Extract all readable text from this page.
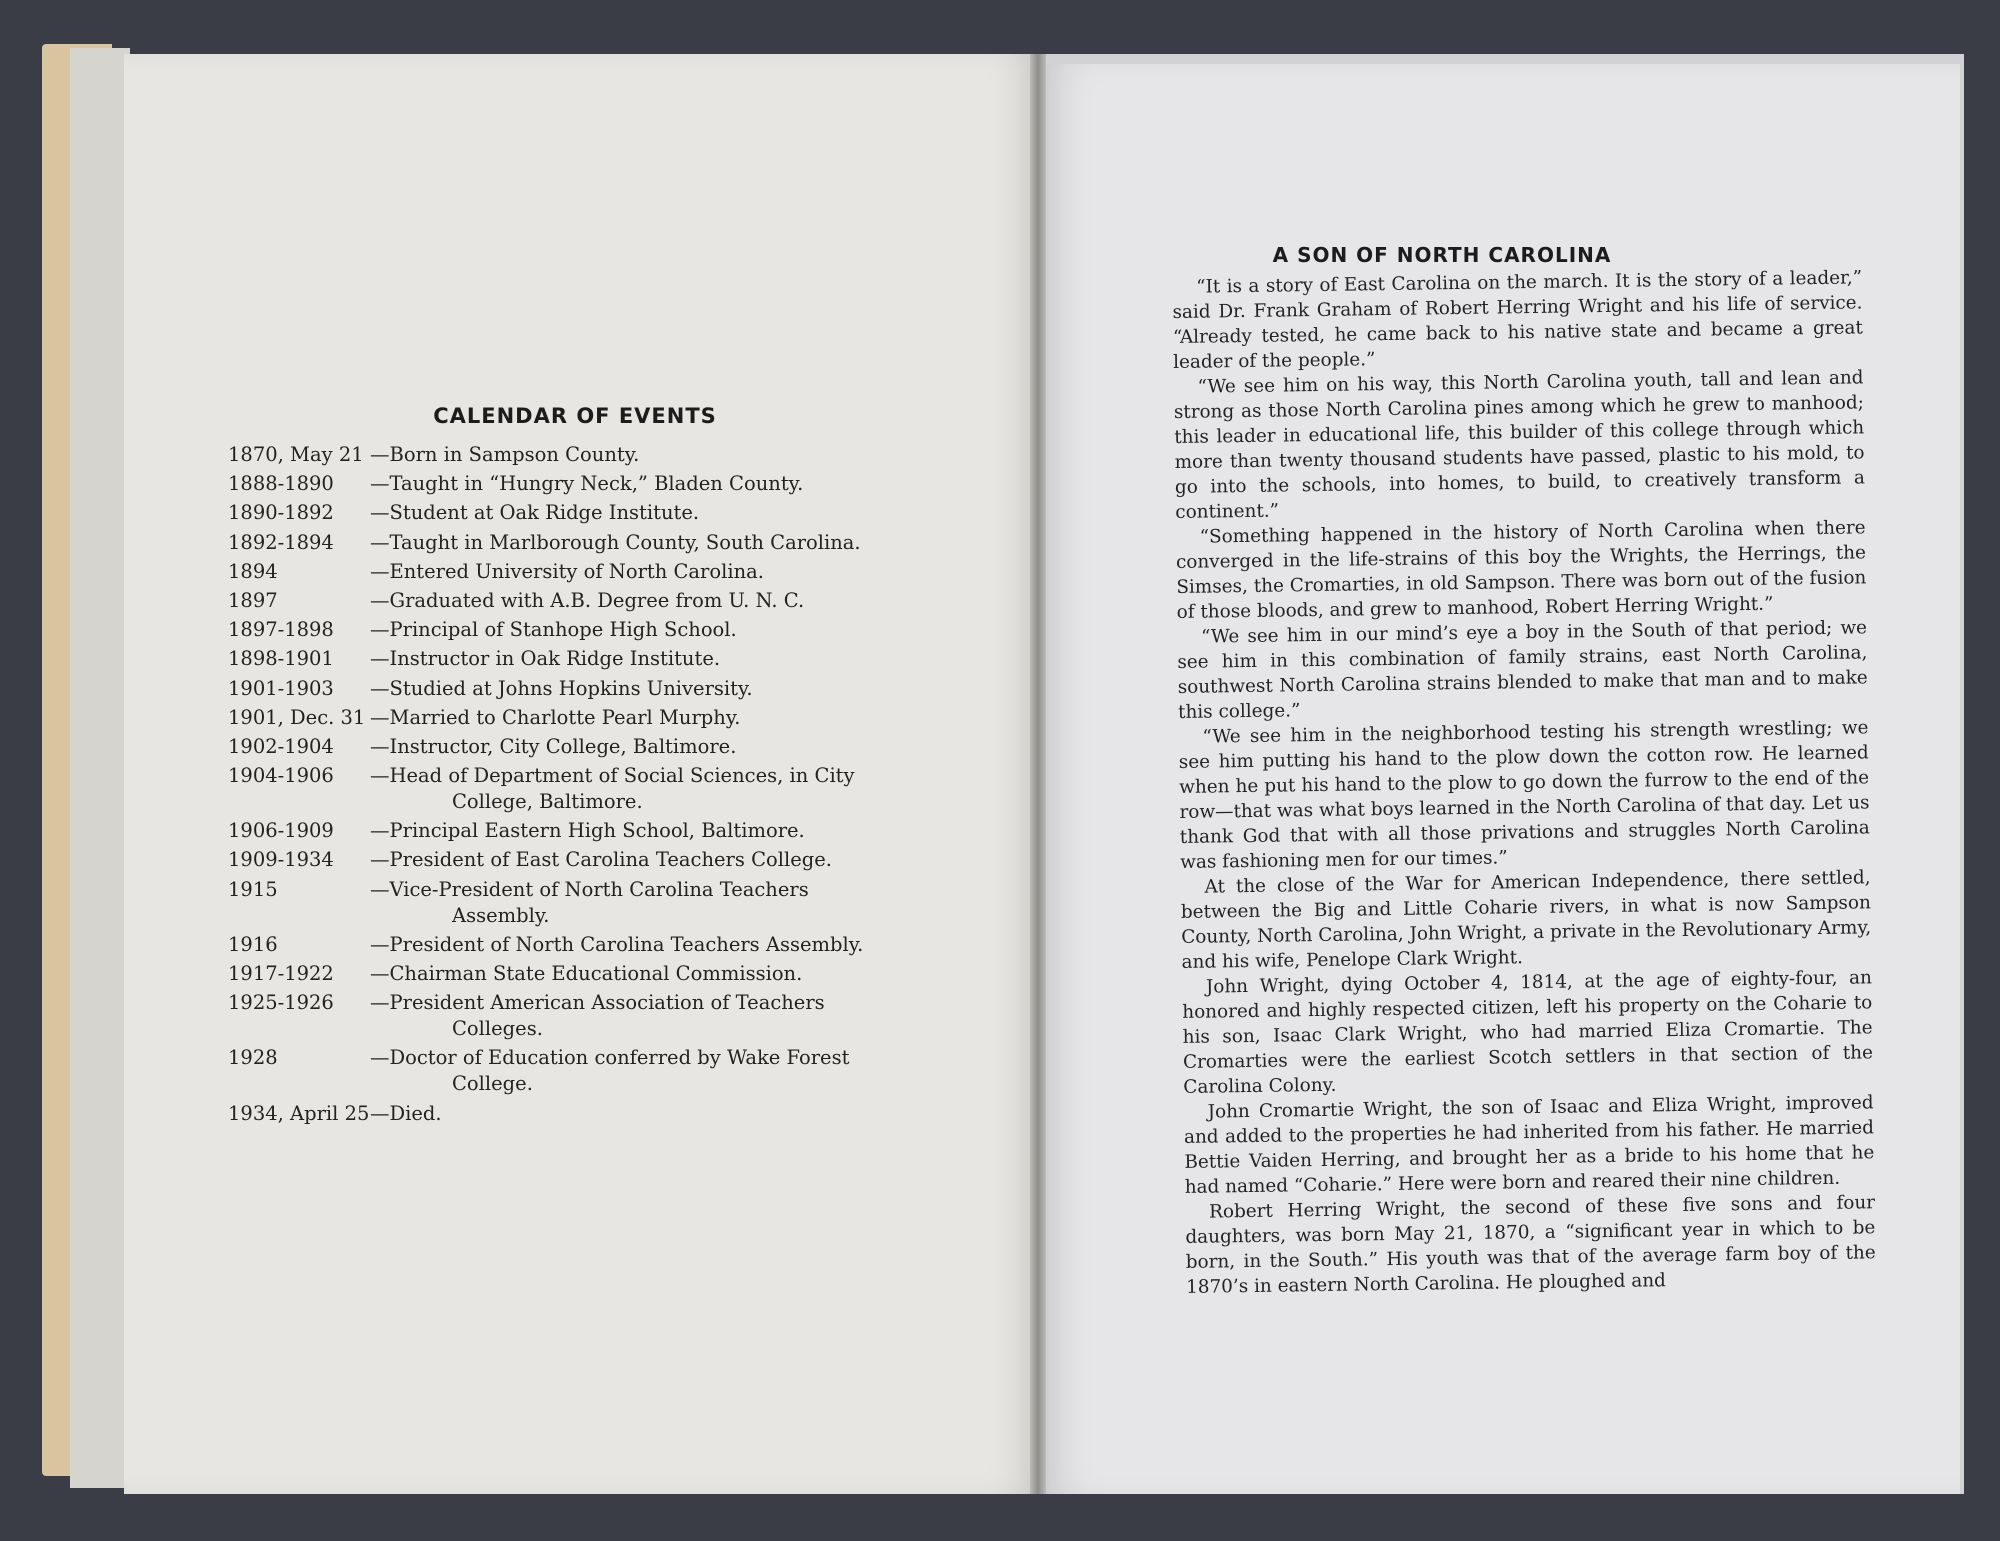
CALENDAR OF EVENTS
1870, May 21 —Born in Sampson County.
1888-1890	—Taught in “Hungry Neck,” Bladen County.
1890-1892	—Student at Oak Ridge Institute.
1892-1894	—Taught in Marlborough County, South Carolina.
1894	—Entered University of North Carolina.
1897	—Graduated with A.B. Degree from U. N. C.
1897-1898	—Principal of Stanhope High School.
1898-1901	—Instructor in Oak Ridge Institute.
1901-1903	—Studied at Johns Hopkins University.
1901, Dec. 31 —Married to Charlotte Pearl Murphy.
1902-1904	—Instructor, City College, Baltimore.
1904-1906	—Head of Department of Social Sciences, in City
College, Baltimore.
1906-1909	—Principal Eastern High School, Baltimore.
1909-1934	—President of East Carolina Teachers College.
1915	—Vice-President of North Carolina Teachers
Assembly.
1916	—President of North Carolina Teachers Assembly.
1917-1922	—Chairman State Educational Commission.
1925-1926	—President American Association of Teachers
Colleges.
1928	—Doctor of Education conferred by Wake Forest
College.
1934, April 25 —Died.
A SON OF NORTH CAROLINA

“It is a story of East Carolina on the march. It is the story of a leader,” said Dr. Frank Graham of Robert Herring Wright and his life of service. “Already tested, he came back to his native state and became a great leader of the people.”

“We see him on his way, this North Carolina youth, tall and lean and strong as those North Carolina pines among which he grew to manhood; this leader in educational life, this builder of this college through which more than twenty thousand students have passed, plastic to his mold, to go into the schools, into homes, to build, to creatively transform a continent.”

“Something happened in the history of North Carolina when there converged in the life-strains of this boy the Wrights, the Herrings, the Simses, the Cromarties, in old Sampson. There was born out of the fusion of those bloods, and grew to manhood, Robert Herring Wright.”

“We see him in our mind’s eye a boy in the South of that period; we see him in this combination of family strains, east North Carolina, southwest North Carolina strains blended to make that man and to make this college.”

“We see him in the neighborhood testing his strength wrestling; we see him putting his hand to the plow down the cotton row. He learned when he put his hand to the plow to go down the furrow to the end of the row—that was what boys learned in the North Carolina of that day. Let us thank God that with all those privations and struggles North Carolina was fashioning men for our times.”

At the close of the War for American Independence, there settled, between the Big and Little Coharie rivers, in what is now Sampson County, North Carolina, John Wright, a private in the Revolutionary Army, and his wife, Penelope Clark Wright.

John Wright, dying October 4, 1814, at the age of eighty-four, an honored and highly respected citizen, left his property on the Coharie to his son, Isaac Clark Wright, who had married Eliza Cromartie. The Cromarties were the earliest Scotch settlers in that section of the Carolina Colony.

John Cromartie Wright, the son of Isaac and Eliza Wright, improved and added to the properties he had inherited from his father. He married Bettie Vaiden Herring, and brought her as a bride to his home that he had named “Coharie.” Here were born and reared their nine children.

Robert Herring Wright, the second of these five sons and four daughters, was born May 21, 1870, a “significant year in which to be born, in the South.” His youth was that of the average farm boy of the 1870’s in eastern North Carolina. He ploughed and
